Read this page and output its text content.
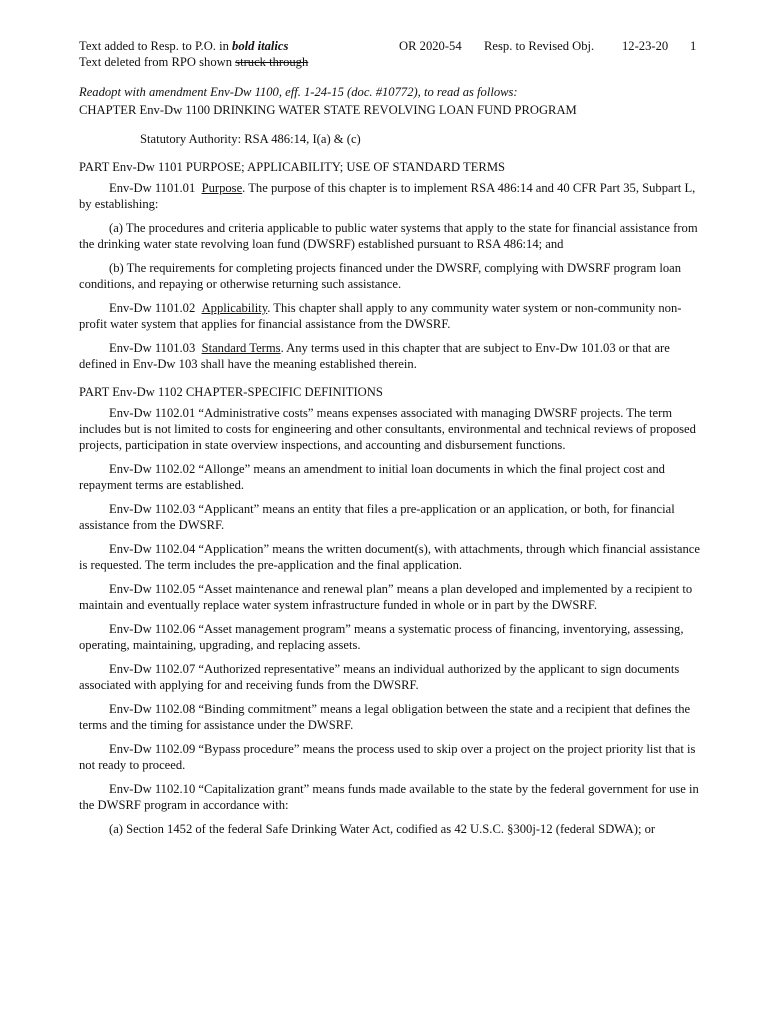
Text added to Resp. to P.O. in bold italics
Text deleted from RPO shown struck through
OR 2020-54 Resp. to Revised Obj. 12-23-20 1

Readopt with amendment Env-Dw 1100, eff. 1-24-15 (doc. #10772), to read as follows:

CHAPTER Env-Dw 1100 DRINKING WATER STATE REVOLVING LOAN FUND PROGRAM

Statutory Authority: RSA 486:14, I(a) & (c)

PART Env-Dw 1101 PURPOSE; APPLICABILITY; USE OF STANDARD TERMS

Env-Dw 1101.01 Purpose. The purpose of this chapter is to implement RSA 486:14 and 40 CFR Part 35, Subpart L, by establishing:

(a) The procedures and criteria applicable to public water systems that apply to the state for financial assistance from the drinking water state revolving loan fund (DWSRF) established pursuant to RSA 486:14; and

(b) The requirements for completing projects financed under the DWSRF, complying with DWSRF program loan conditions, and repaying or otherwise returning such assistance.

Env-Dw 1101.02 Applicability. This chapter shall apply to any community water system or non-community non-profit water system that applies for financial assistance from the DWSRF.

Env-Dw 1101.03 Standard Terms. Any terms used in this chapter that are subject to Env-Dw 101.03 or that are defined in Env-Dw 103 shall have the meaning established therein.

PART Env-Dw 1102 CHAPTER-SPECIFIC DEFINITIONS

Env-Dw 1102.01 “Administrative costs” means expenses associated with managing DWSRF projects. The term includes but is not limited to costs for engineering and other consultants, environmental and technical reviews of proposed projects, participation in state overview inspections, and accounting and disbursement functions.

Env-Dw 1102.02 “Allonge” means an amendment to initial loan documents in which the final project cost and repayment terms are established.

Env-Dw 1102.03 “Applicant” means an entity that files a pre-application or an application, or both, for financial assistance from the DWSRF.

Env-Dw 1102.04 “Application” means the written document(s), with attachments, through which financial assistance is requested. The term includes the pre-application and the final application.

Env-Dw 1102.05 “Asset maintenance and renewal plan” means a plan developed and implemented by a recipient to maintain and eventually replace water system infrastructure funded in whole or in part by the DWSRF.

Env-Dw 1102.06 “Asset management program” means a systematic process of financing, inventorying, assessing, operating, maintaining, upgrading, and replacing assets.

Env-Dw 1102.07 “Authorized representative” means an individual authorized by the applicant to sign documents associated with applying for and receiving funds from the DWSRF.

Env-Dw 1102.08 “Binding commitment” means a legal obligation between the state and a recipient that defines the terms and the timing for assistance under the DWSRF.

Env-Dw 1102.09 “Bypass procedure” means the process used to skip over a project on the project priority list that is not ready to proceed.

Env-Dw 1102.10 “Capitalization grant” means funds made available to the state by the federal government for use in the DWSRF program in accordance with:

(a) Section 1452 of the federal Safe Drinking Water Act, codified as 42 U.S.C. §300j-12 (federal SDWA); or
